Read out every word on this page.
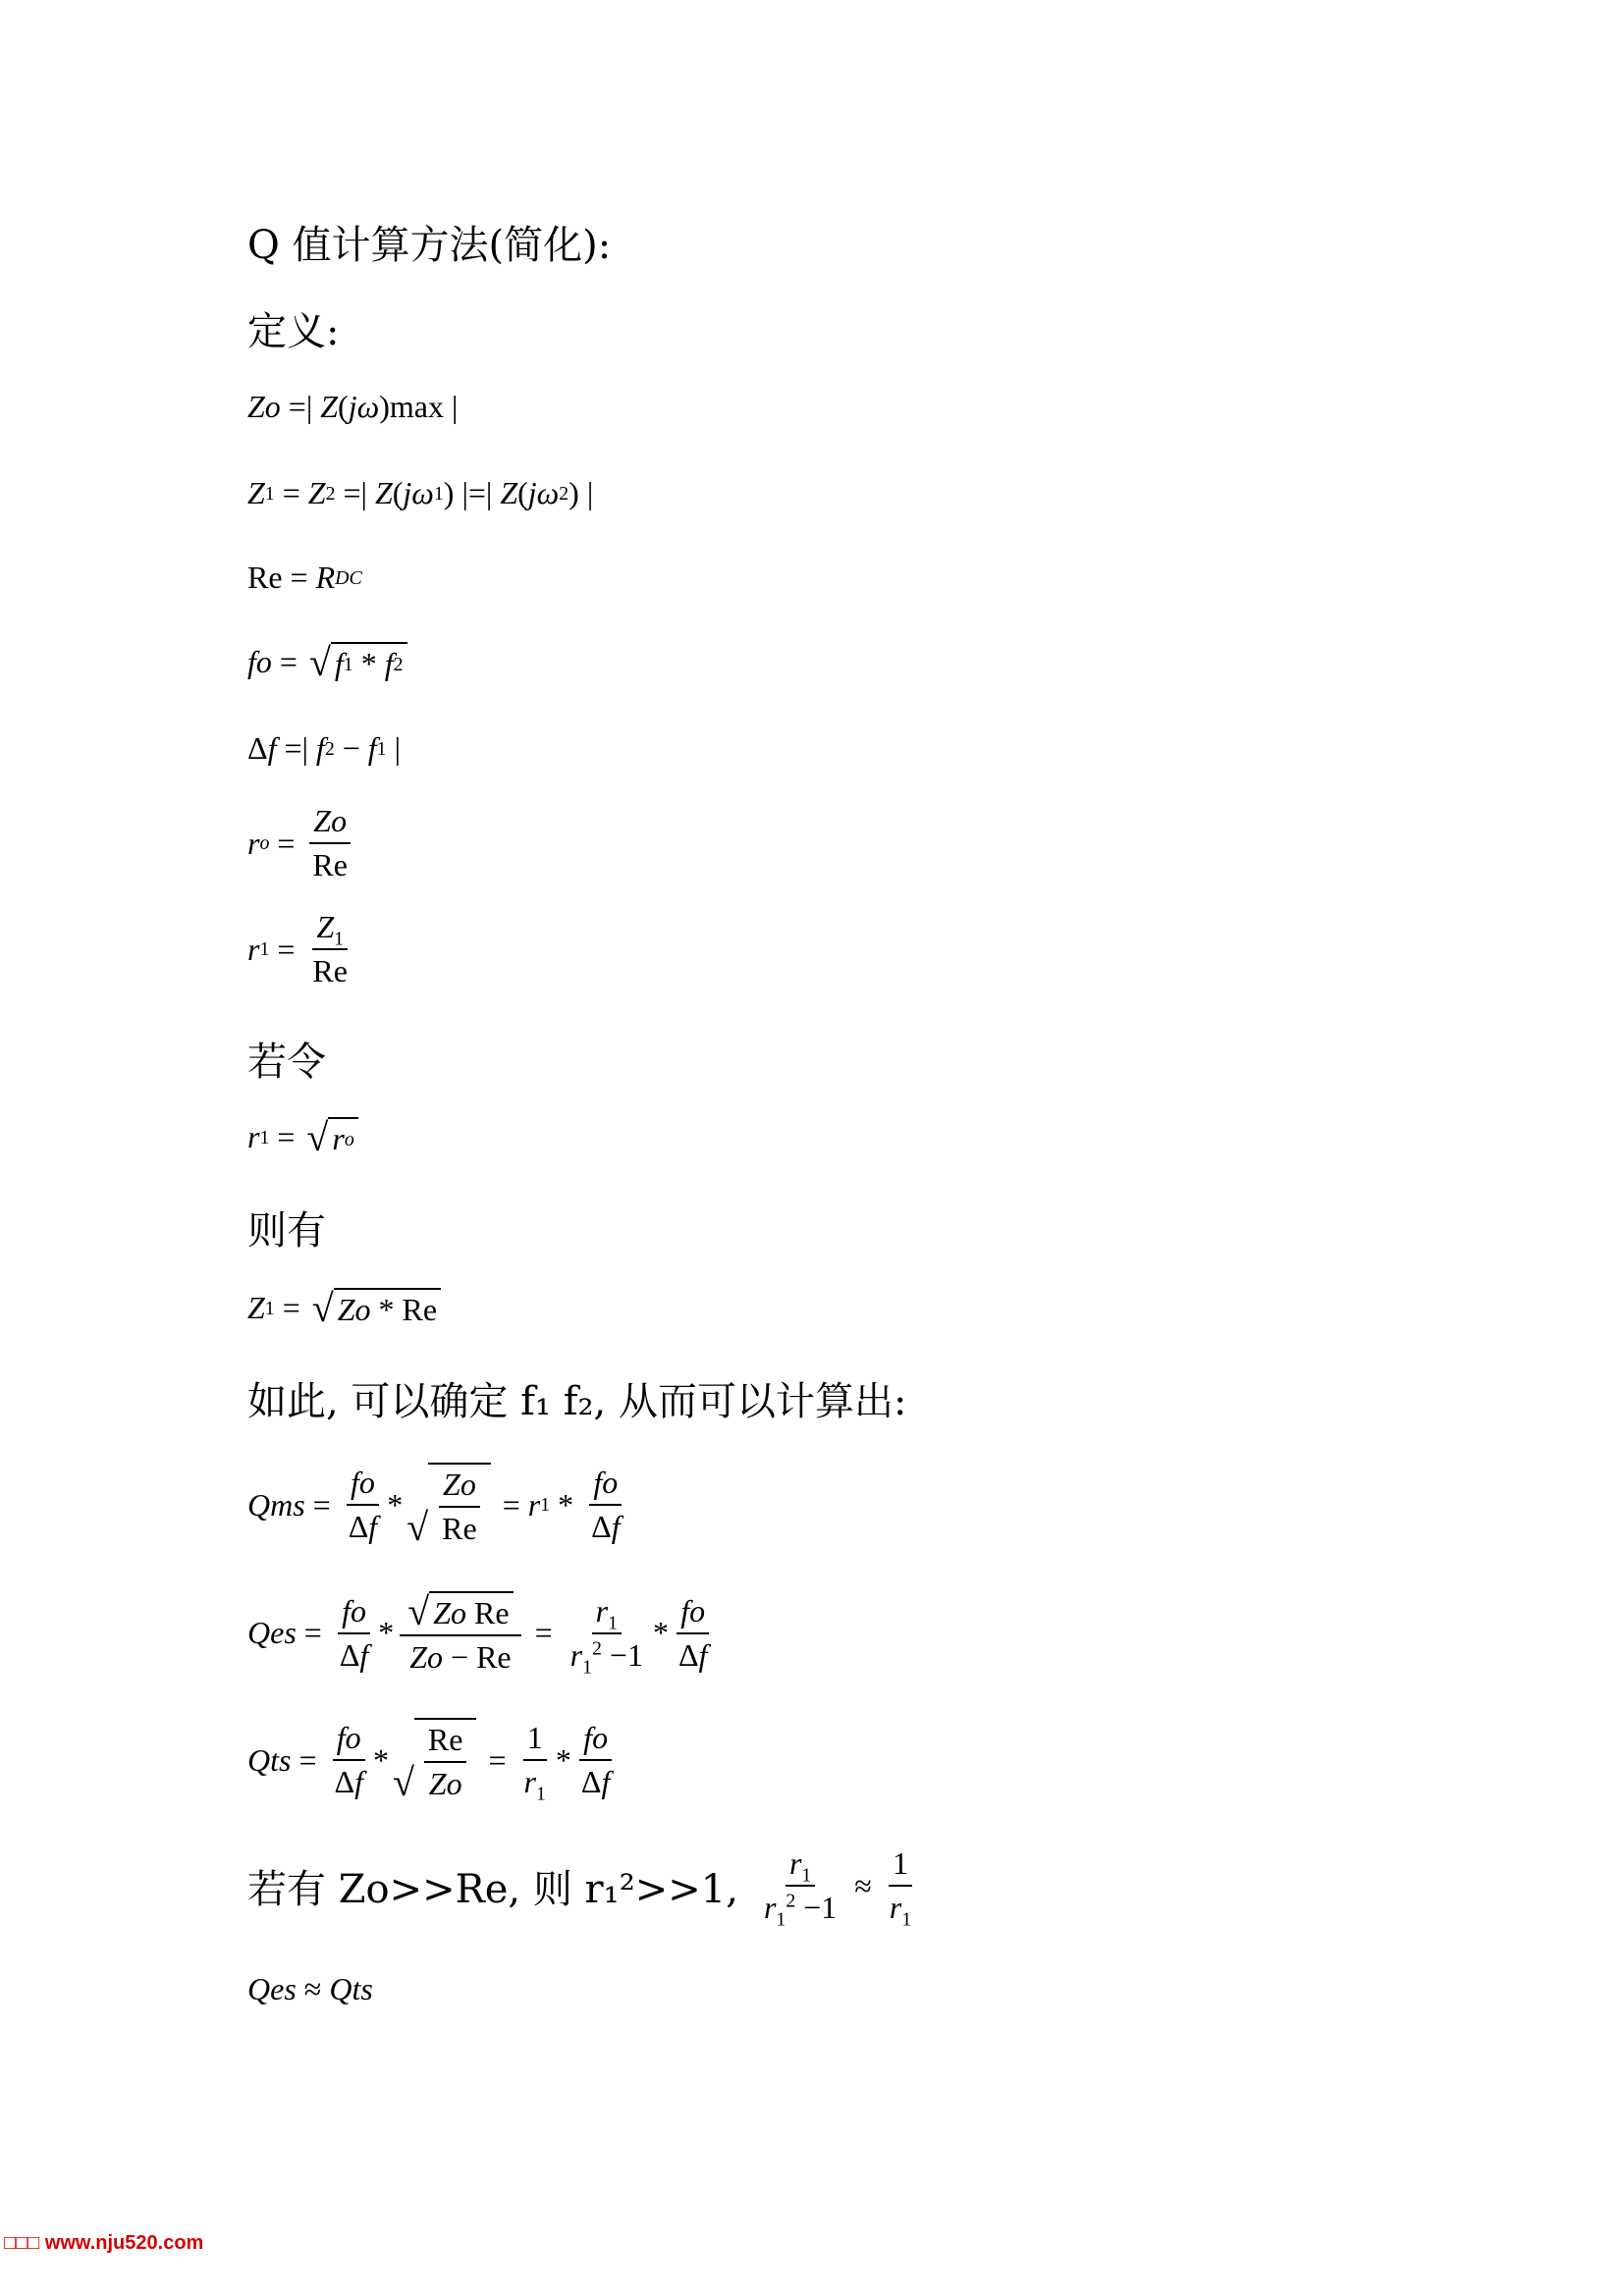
Q 值计算方法(简化):
定义:
Zo =| Z ( jω )max |
Z 1 = Z 2 =| Z ( jω 1 ) |=| Z ( jω 2 ) |
Re = R DC
fo = √ f 1 * f 2
Δ f =| f 2 − f 1 |
r $o = \frac{Zo}{Re}$
r $1 = \frac{Z_1}{Re}$
若令
r 1 = √ r o
则有
Z 1 = √ Zo * Re
如此, 可以确定 f₁ f₂, 从而可以计算出:
Qms = $\frac{fo}{\Delta f}$ *
√ $\frac{Zo}{Re} = r$ $1 * \frac{fo}{\Delta f}$
Qes = $\frac{fo}{\Delta f} * \frac{\text{√ Zo Re}}{Zo - Re} = \frac{r_1}{r_1^2 -1} * \frac{fo}{\Delta f}$
Qts = $\frac{fo}{\Delta f}$ *
√ $\frac{Re}{Zo} = \frac{1}{r_1} * \frac{fo}{\Delta f}$
若有 Zo>>Re, 则 r₁²>>1, $\frac{r_1}{r_1^2 -1} \approx \frac{1}{r_1}$
Qes ≈ Qts
□□□ www.nju520.com
